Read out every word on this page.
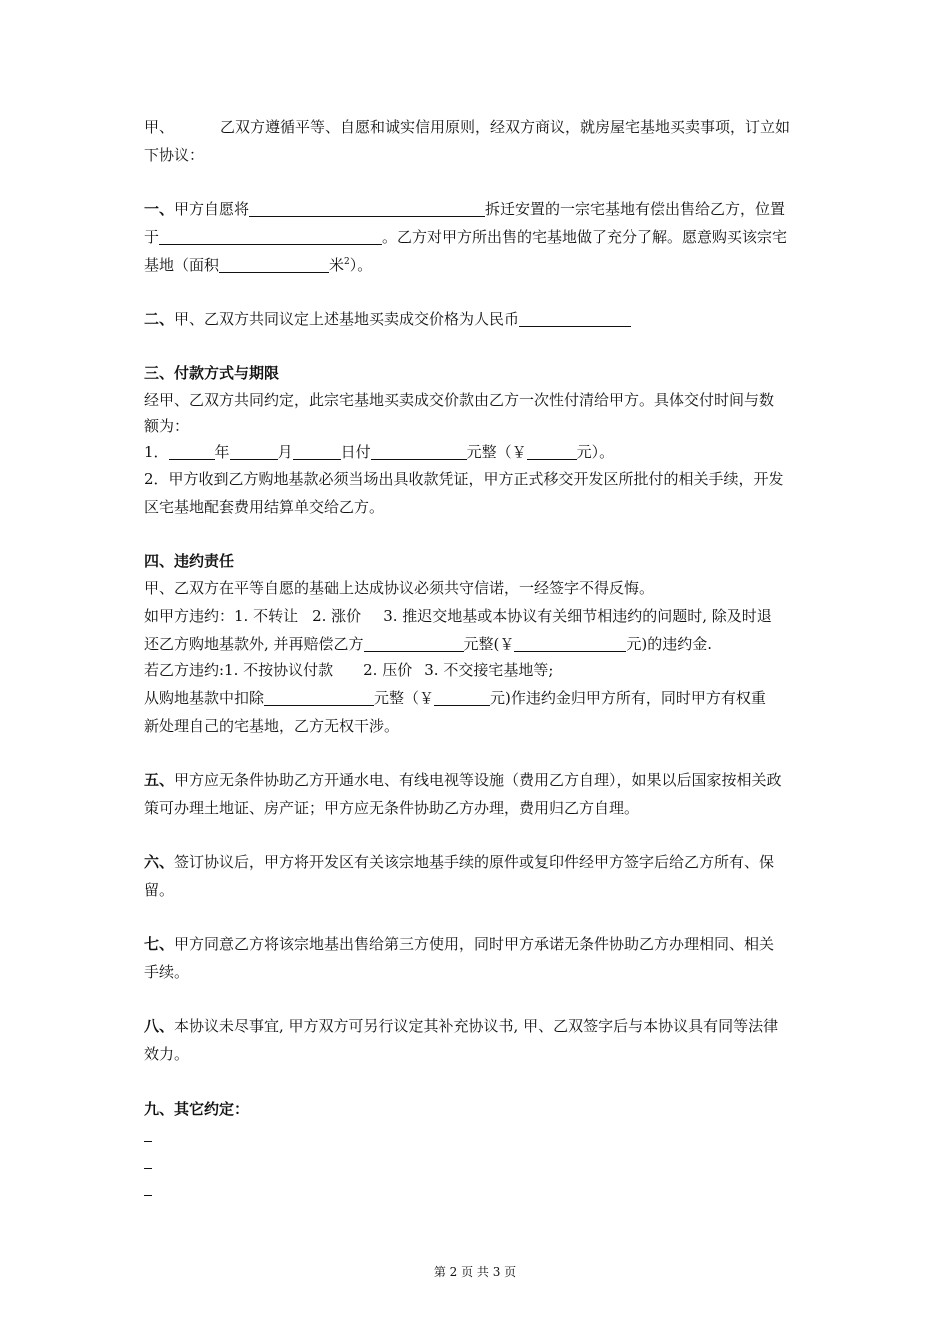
甲、	乙双方遵循平等、自愿和诚实信用原则，经双方商议，就房屋宅基地买卖事项，订立如
下协议：
一、甲方自愿将	拆迁安置的一宗宅基地有偿出售给乙方，位置
于	。乙方对甲方所出售的宅基地做了充分了解。愿意购买该宗宅
基地（面积	米$^2$）。
二、甲、乙双方共同议定上述基地买卖成交价格为人民币
三、付款方式与期限
经甲、乙双方共同约定，此宗宅基地买卖成交价款由乙方一次性付清给甲方。具体交付时间与数
额为：
1．	年	月	日付	元整（￥	元）。
2．甲方收到乙方购地基款必须当场出具收款凭证，甲方正式移交开发区所批付的相关手续，开发
区宅基地配套费用结算单交给乙方。
四、违约责任
甲、乙双方在平等自愿的基础上达成协议必须共守信诺，一经签字不得反悔。
如甲方违约：1. 不转让 2. 涨价 3. 推迟交地基或本协议有关细节相违约的问题时, 除及时退
还乙方购地基款外, 并再赔偿乙方	元整(￥	元)的违约金.
若乙方违约:1. 不按协议付款 2. 压价 3. 不交接宅基地等;
从购地基款中扣除	元整（￥	元)作违约金归甲方所有，同时甲方有权重
新处理自己的宅基地，乙方无权干涉。
五、甲方应无条件协助乙方开通水电、有线电视等设施（费用乙方自理），如果以后国家按相关政
策可办理土地证、房产证；甲方应无条件协助乙方办理，费用归乙方自理。
六、签订协议后，甲方将开发区有关该宗地基手续的原件或复印件经甲方签字后给乙方所有、保
留。
七、甲方同意乙方将该宗地基出售给第三方使用，同时甲方承诺无条件协助乙方办理相同、相关
手续。
八、本协议未尽事宜, 甲方双方可另行议定其补充协议书, 甲、乙双签字后与本协议具有同等法律
效力。
九、其它约定：
第 2 页 共 3 页
